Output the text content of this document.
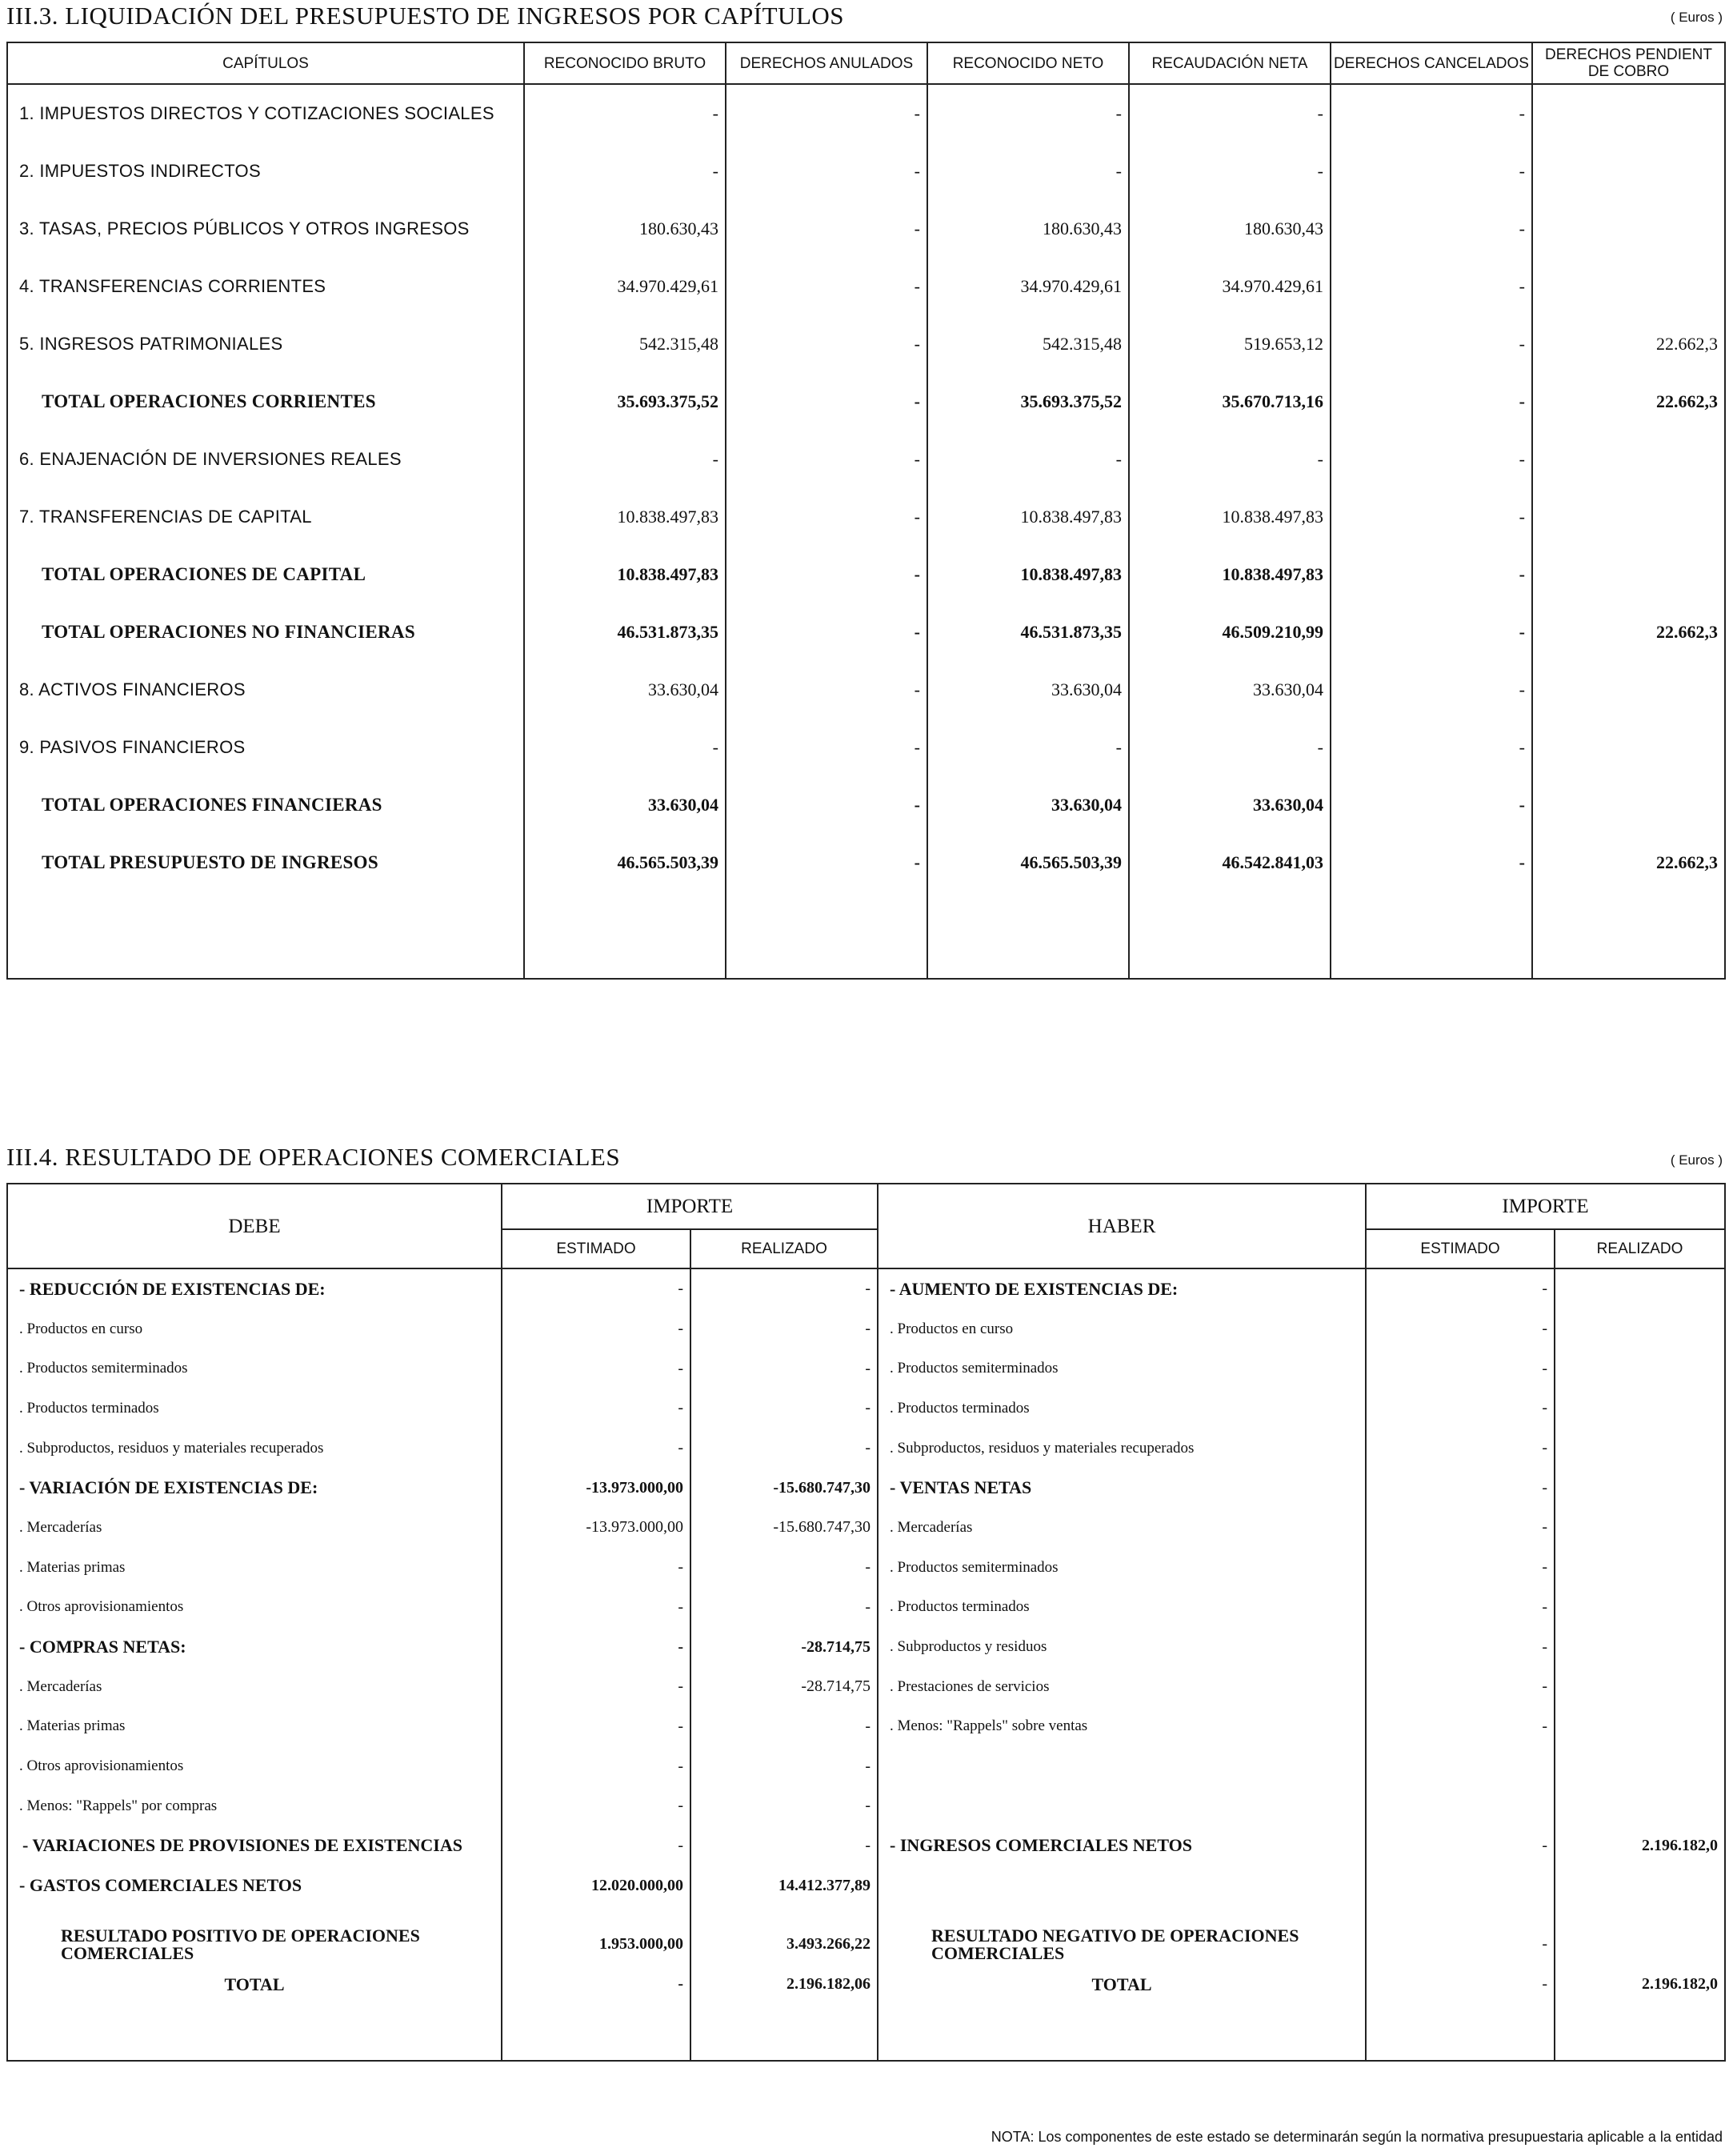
III.3. LIQUIDACIÓN DEL PRESUPUESTO DE INGRESOS POR CAPÍTULOS	( Euros )
CAPÍTULOS	RECONOCIDO BRUTO	DERECHOS ANULADOS	RECONOCIDO NETO	RECAUDACIÓN NETA	DERECHOS CANCELADOS	DERECHOS PENDIENT DE COBRO
1. IMPUESTOS DIRECTOS Y COTIZACIONES SOCIALES	-	-	-	-	-	
2. IMPUESTOS INDIRECTOS	-	-	-	-	-	
3. TASAS, PRECIOS PÚBLICOS Y OTROS INGRESOS	180.630,43	-	180.630,43	180.630,43	-	
4. TRANSFERENCIAS CORRIENTES	34.970.429,61	-	34.970.429,61	34.970.429,61	-	
5. INGRESOS PATRIMONIALES	542.315,48	-	542.315,48	519.653,12	-	22.662,3
TOTAL OPERACIONES CORRIENTES	35.693.375,52	-	35.693.375,52	35.670.713,16	-	22.662,3
6. ENAJENACIÓN DE INVERSIONES REALES	-	-	-	-	-	
7. TRANSFERENCIAS DE CAPITAL	10.838.497,83	-	10.838.497,83	10.838.497,83	-	
TOTAL OPERACIONES DE CAPITAL	10.838.497,83	-	10.838.497,83	10.838.497,83	-	
TOTAL OPERACIONES NO FINANCIERAS	46.531.873,35	-	46.531.873,35	46.509.210,99	-	22.662,3
8. ACTIVOS FINANCIEROS	33.630,04	-	33.630,04	33.630,04	-	
9. PASIVOS FINANCIEROS	-	-	-	-	-	
TOTAL OPERACIONES FINANCIERAS	33.630,04	-	33.630,04	33.630,04	-	
TOTAL PRESUPUESTO DE INGRESOS	46.565.503,39	-	46.565.503,39	46.542.841,03	-	22.662,3

III.4. RESULTADO DE OPERACIONES COMERCIALES	( Euros )
DEBE	IMPORTE		HABER	IMPORTE	
	ESTIMADO	REALIZADO		ESTIMADO	REALIZADO
- REDUCCIÓN DE EXISTENCIAS DE:	-	-	- AUMENTO DE EXISTENCIAS DE:	-	
. Productos en curso	-	-	. Productos en curso	-	
. Productos semiterminados	-	-	. Productos semiterminados	-	
. Productos terminados	-	-	. Productos terminados	-	
. Subproductos, residuos y materiales recuperados	-	-	. Subproductos, residuos y materiales recuperados	-	
- VARIACIÓN DE EXISTENCIAS DE:	-13.973.000,00	-15.680.747,30	- VENTAS NETAS	-	
. Mercaderías	-13.973.000,00	-15.680.747,30	. Mercaderías	-	
. Materias primas	-	-	. Productos semiterminados	-	
. Otros aprovisionamientos	-	-	. Productos terminados	-	
- COMPRAS NETAS:	-	-28.714,75	. Subproductos y residuos	-	
. Mercaderías	-	-28.714,75	. Prestaciones de servicios	-	
. Materias primas	-	-	. Menos: "Rappels" sobre ventas	-	
. Otros aprovisionamientos	-	-			
. Menos: "Rappels" por compras	-	-			
- VARIACIONES DE PROVISIONES DE EXISTENCIAS	-	-	- INGRESOS COMERCIALES NETOS	-	2.196.182,0
- GASTOS COMERCIALES NETOS	12.020.000,00	14.412.377,89			

RESULTADO POSITIVO DE OPERACIONES COMERCIALES	1.953.000,00	3.493.266,22	RESULTADO NEGATIVO DE OPERACIONES COMERCIALES	-	
TOTAL	-	2.196.182,06	TOTAL	-	2.196.182,0

NOTA: Los componentes de este estado se determinarán según la normativa presupuestaria aplicable a la entidad
